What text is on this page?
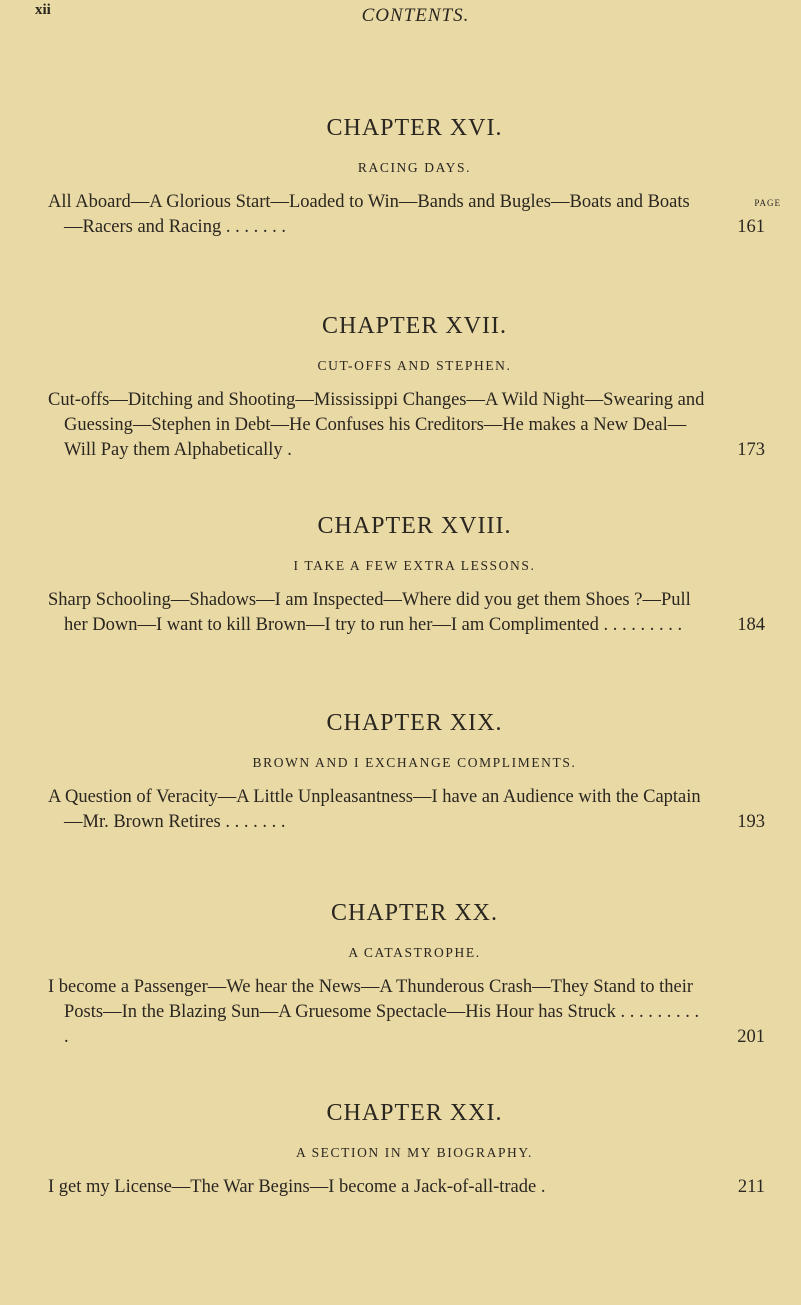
xii	CONTENTS.
PAGE
CHAPTER XVI.
RACING DAYS.
All Aboard—A Glorious Start—Loaded to Win—Bands and Bugles—Boats and Boats—Racers and Racing . . . . . . .	161
CHAPTER XVII.
CUT-OFFS AND STEPHEN.
Cut-offs—Ditching and Shooting—Mississippi Changes—A Wild Night—Swearing and Guessing—Stephen in Debt—He Confuses his Creditors—He makes a New Deal—Will Pay them Alphabetically .	173
CHAPTER XVIII.
I TAKE A FEW EXTRA LESSONS.
Sharp Schooling—Shadows—I am Inspected—Where did you get them Shoes ?—Pull her Down—I want to kill Brown—I try to run her—I am Complimented . . . . . . . . .	184
CHAPTER XIX.
BROWN AND I EXCHANGE COMPLIMENTS.
A Question of Veracity—A Little Unpleasantness—I have an Audience with the Captain—Mr. Brown Retires . . . . . . .	193
CHAPTER XX.
A CATASTROPHE.
I become a Passenger—We hear the News—A Thunderous Crash—They Stand to their Posts—In the Blazing Sun—A Gruesome Spectacle—His Hour has Struck . . . . . . . . . .	201
CHAPTER XXI.
A SECTION IN MY BIOGRAPHY.
I get my License—The War Begins—I become a Jack-of-all-trade .	211
